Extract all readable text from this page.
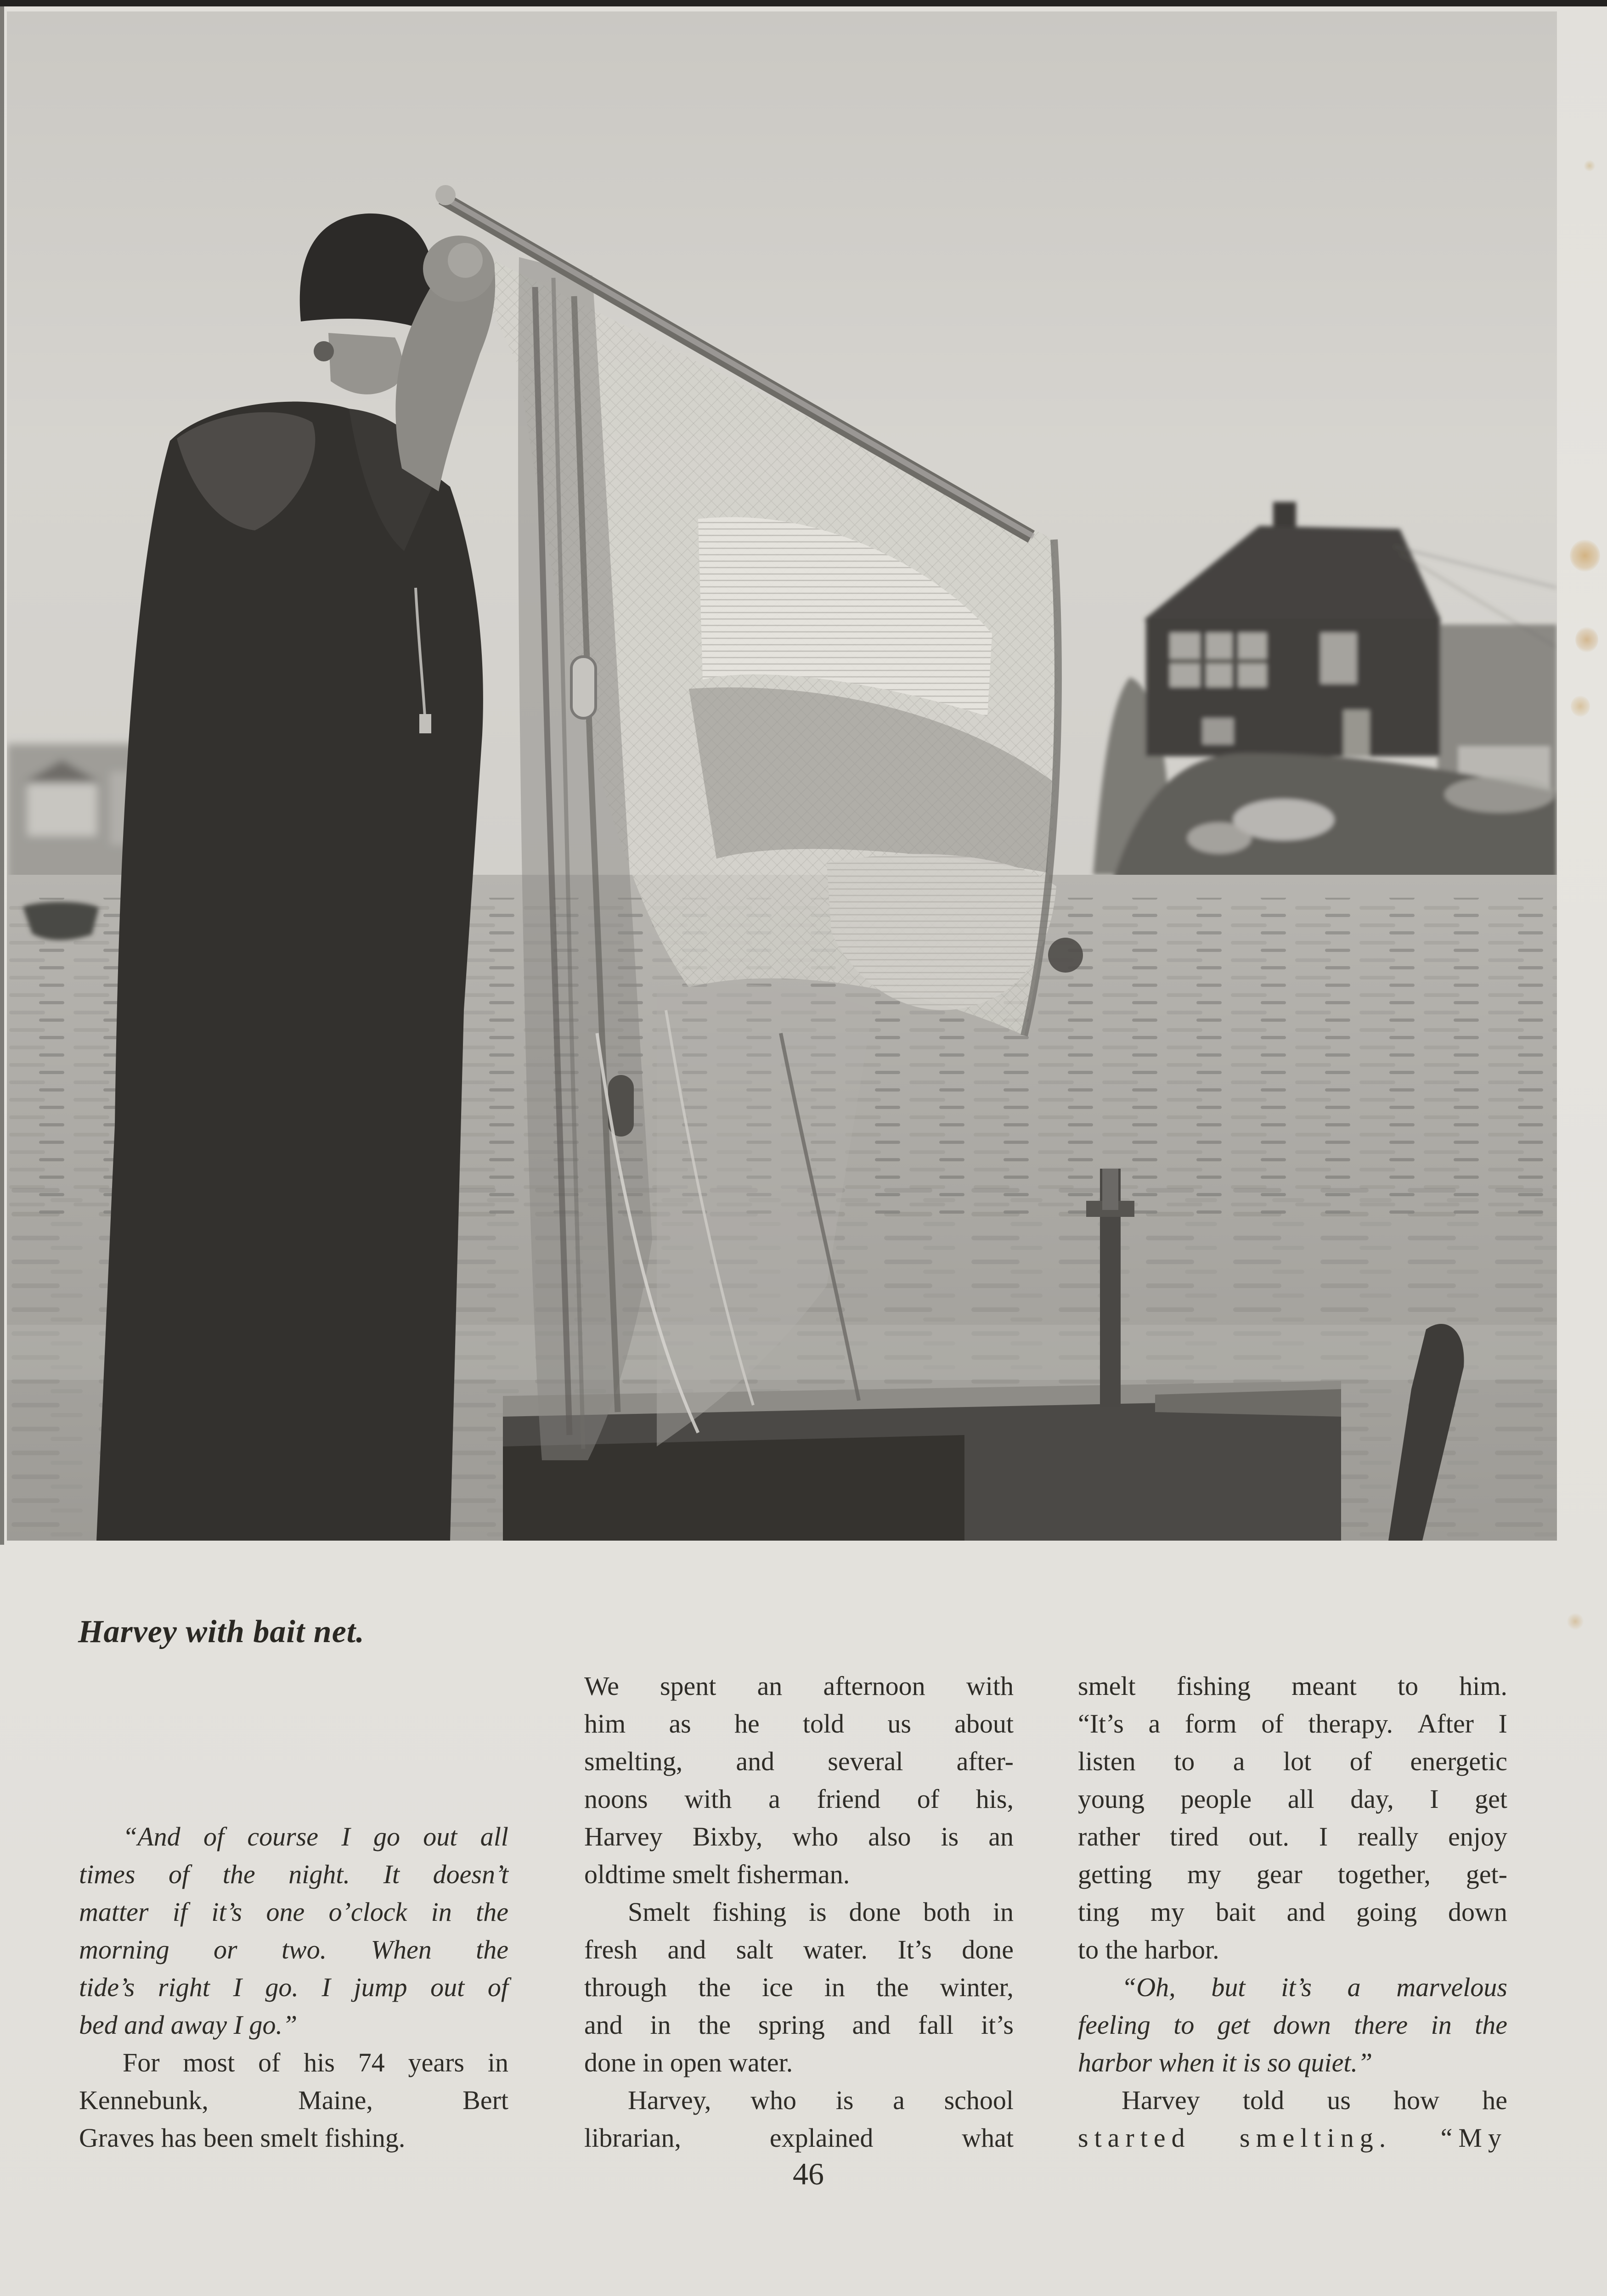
Harvey with bait net.
“And of course I go out all
times of the night. It doesn’t
matter if it’s one o’clock in the
morning or two. When the
tide’s right I go. I jump out of
bed and away I go.”
For most of his 74 years in
Kennebunk,	Maine,	Bert
Graves has been smelt fishing.
We spent an afternoon with
him as he told us about
smelting, and several after-
noons with a friend of his,
Harvey Bixby, who also is an
oldtime smelt fisherman.
Smelt fishing is done both in
fresh and salt water. It’s done
through the ice in the winter,
and in the spring and fall it’s
done in open water.
Harvey, who is a school
librarian,	explained	what
smelt fishing meant to him.
“It’s a form of therapy. After I
listen to a lot of energetic
young people all day, I get
rather tired out. I really enjoy
getting my gear together, get-
ting my bait and going down
to the harbor.
“Oh, but it’s a marvelous
feeling to get down there in the
harbor when it is so quiet.”
Harvey told us how he
started smelting. “My
46
